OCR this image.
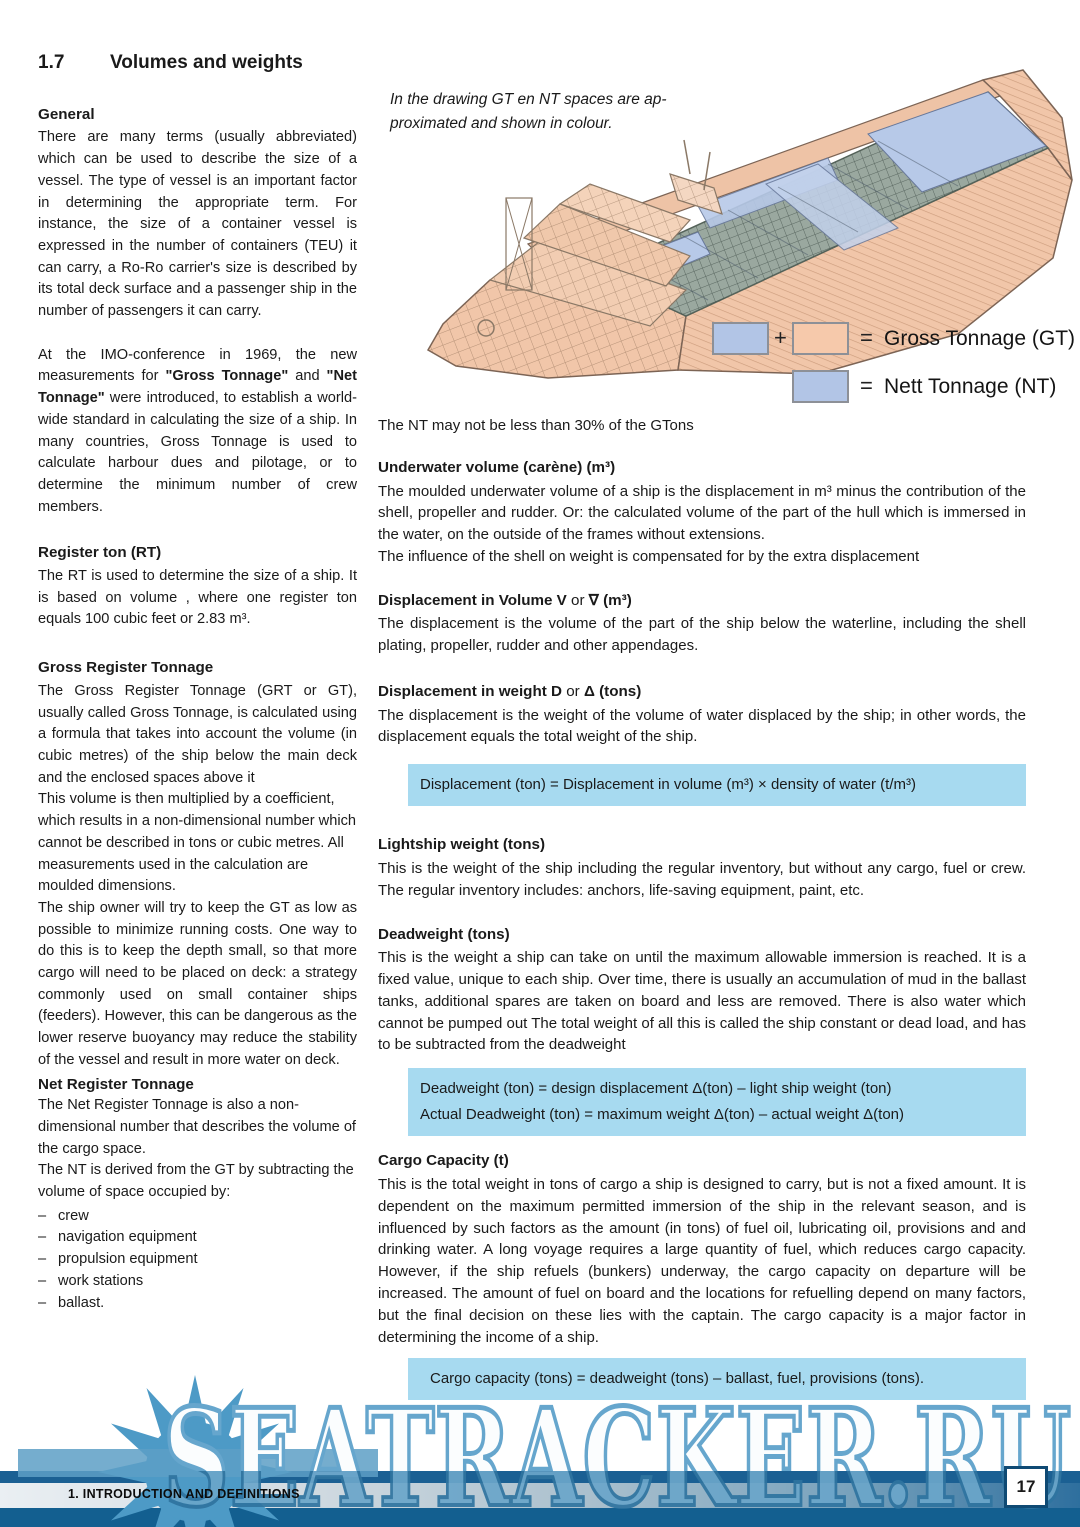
1.7	Volumes and weights
General

There are many terms (usually abbreviated) which can be used to describe the size of a vessel. The type of vessel is an important factor in determining the appropriate term. For instance, the size of a container vessel is expressed in the number of containers (TEU) it can carry, a Ro-Ro carrier's size is described by its total deck surface and a passenger ship in the number of passengers it can carry.

At the IMO-conference in 1969, the new measurements for "Gross Tonnage" and "Net Tonnage" were introduced, to establish a world-wide standard in calculating the size of a ship. In many countries, Gross Tonnage is used to calculate harbour dues and pilotage, or to determine the minimum number of crew members.

Register ton (RT)

The RT is used to determine the size of a ship. It is based on volume , where one register ton equals 100 cubic feet or 2.83 m³.

Gross Register Tonnage

The Gross Register Tonnage (GRT or GT), usually called Gross Tonnage, is calculated using a formula that takes into account the volume (in cubic metres) of the ship below the main deck and the enclosed spaces above it

This volume is then multiplied by a coefficient, which results in a non-dimensional number which cannot be described in tons or cubic metres. All measurements used in the calculation are moulded dimensions.

The ship owner will try to keep the GT as low as possible to minimize running costs. One way to do this is to keep the depth small, so that more cargo will need to be placed on deck: a strategy commonly used on small container ships (feeders). However, this can be dangerous as the lower reserve buoyancy may reduce the stability of the vessel and result in more water on deck.

Net Register Tonnage

The Net Register Tonnage is also a non-dimensional number that describes the volume of the cargo space.

The NT is derived from the GT by subtracting the volume of space occupied by:

– crew
– navigation equipment
– propulsion equipment
– work stations
– ballast.
+	= Gross Tonnage (GT)
= Nett Tonnage (NT)
In the drawing GT en NT spaces are ap-
proximated and shown in colour.

The NT may not be less than 30% of the GTons

Underwater volume (carène) (m³)

The moulded underwater volume of a ship is the displacement in m³ minus the contribution of the shell, propeller and rudder. Or: the calculated volume of the part of the hull which is immersed in the water, on the outside of the frames without extensions.

The influence of the shell on weight is compensated for by the extra displacement

Displacement in Volume V or ∇ (m³)

The displacement is the volume of the part of the ship below the waterline, including the shell plating, propeller, rudder and other appendages.

Displacement in weight D or Δ (tons)

The displacement is the weight of the volume of water displaced by the ship; in other words, the displacement equals the total weight of the ship.

Displacement (ton) = Displacement in volume (m³) × density of water (t/m³)
Lightship weight (tons)

This is the weight of the ship including the regular inventory, but without any cargo, fuel or crew. The regular inventory includes: anchors, life-saving equipment, paint, etc.

Deadweight (tons)

This is the weight a ship can take on until the maximum allowable immersion is reached. It is a fixed value, unique to each ship. Over time, there is usually an accumulation of mud in the ballast tanks, additional spares are taken on board and less are removed. There is also water which cannot be pumped out The total weight of all this is called the ship constant or dead load, and has to be subtracted from the deadweight

Deadweight (ton) = design displacement Δ(ton) – light ship weight (ton)
Actual Deadweight (ton) = maximum weight Δ(ton) – actual weight Δ(ton)
Cargo Capacity (t)

This is the total weight in tons of cargo a ship is designed to carry, but is not a fixed amount. It is dependent on the maximum permitted immersion of the ship in the relevant season, and is influenced by such factors as the amount (in tons) of fuel oil, lubricating oil, provisions and and drinking water. A long voyage requires a large quantity of fuel, which reduces cargo capacity. However, if the ship refuels (bunkers) underway, the cargo capacity on departure will be increased. The amount of fuel on board and the locations for refuelling depend on many factors, but the final decision on these lies with the captain. The cargo capacity is a major factor in determining the income of a ship.

1. INTRODUCTION AND DEFINITIONS	17
